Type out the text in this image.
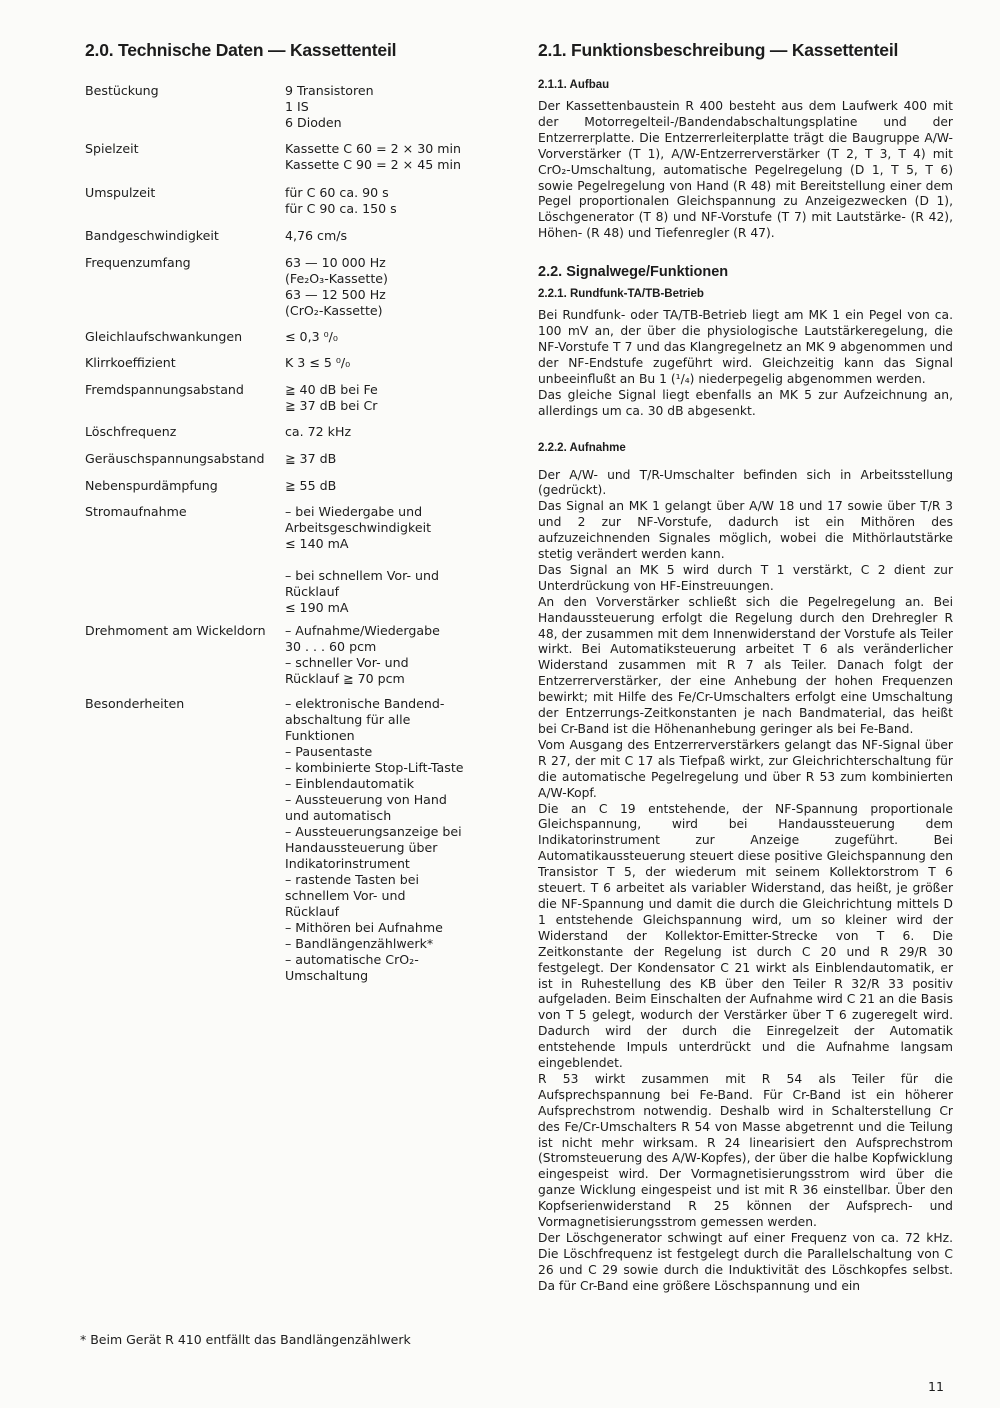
2.0. Technische Daten — Kassettenteil
Bestückung	9 Transistoren
1 IS
6 Dioden
Spielzeit	Kassette C 60 = 2 ⨯ 30 min
Kassette C 90 = 2 ⨯ 45 min
Umspulzeit	für C 60 ca. 90 s
für C 90 ca. 150 s
Bandgeschwindigkeit	4,76 cm/s
Frequenzumfang	63 — 10 000 Hz
(Fe₂O₃-Kassette)
63 — 12 500 Hz
(CrO₂-Kassette)
Gleichlaufschwankungen	≤ 0,3 ⁰/₀
Klirrkoeffizient	K 3 ≤ 5 ⁰/₀
Fremdspannungsabstand	≧ 40 dB bei Fe
≧ 37 dB bei Cr
Löschfrequenz	ca. 72 kHz
Geräuschspannungsabstand	≧ 37 dB
Nebenspurdämpfung	≧ 55 dB
Stromaufnahme	– bei Wiedergabe und
Arbeitsgeschwindigkeit
≤ 140 mA

– bei schnellem Vor- und
Rücklauf
≤ 190 mA
Drehmoment am Wickeldorn	– Aufnahme/Wiedergabe
30 . . . 60 pcm
– schneller Vor- und
Rücklauf ≧ 70 pcm
Besonderheiten	– elektronische Bandend-
abschaltung für alle
Funktionen
– Pausentaste
– kombinierte Stop-Lift-Taste
– Einblendautomatik
– Aussteuerung von Hand
und automatisch
– Aussteuerungsanzeige bei
Handaussteuerung über
Indikatorinstrument
– rastende Tasten bei
schnellem Vor- und
Rücklauf
– Mithören bei Aufnahme
– Bandlängenzählwerk*
– automatische CrO₂-
Umschaltung
* Beim Gerät R 410 entfällt das Bandlängenzählwerk
2.1. Funktionsbeschreibung — Kassettenteil
2.1.1. Aufbau

Der Kassettenbaustein R 400 besteht aus dem Laufwerk 400 mit der Motorregelteil-/Bandendabschaltungsplatine und der Entzerrerplatte. Die Entzerrerleiterplatte trägt die Baugruppe A/W-Vorverstärker (T 1), A/W-Entzerrerverstärker (T 2, T 3, T 4) mit CrO₂-Umschaltung, automatische Pegelregelung (D 1, T 5, T 6) sowie Pegelregelung von Hand (R 48) mit Bereitstellung einer dem Pegel proportionalen Gleichspannung zu Anzeigezwecken (D 1), Löschgenerator (T 8) und NF-Vorstufe (T 7) mit Lautstärke- (R 42), Höhen- (R 48) und Tiefenregler (R 47).

2.2. Signalwege/Funktionen
2.2.1. Rundfunk-TA/TB-Betrieb

Bei Rundfunk- oder TA/TB-Betrieb liegt am MK 1 ein Pegel von ca. 100 mV an, der über die physiologische Lautstärkeregelung, die NF-Vorstufe T 7 und das Klangregelnetz an MK 9 abgenommen und der NF-Endstufe zugeführt wird. Gleichzeitig kann das Signal unbeeinflußt an Bu 1 (¹/₄) niederpegelig abgenommen werden.
Das gleiche Signal liegt ebenfalls an MK 5 zur Aufzeichnung an, allerdings um ca. 30 dB abgesenkt.

2.2.2. Aufnahme

Der A/W- und T/R-Umschalter befinden sich in Arbeitsstellung (gedrückt).
Das Signal an MK 1 gelangt über A/W 18 und 17 sowie über T/R 3 und 2 zur NF-Vorstufe, dadurch ist ein Mithören des aufzuzeichnenden Signales möglich, wobei die Mithörlautstärke stetig verändert werden kann.
Das Signal an MK 5 wird durch T 1 verstärkt, C 2 dient zur Unterdrückung von HF-Einstreuungen.
An den Vorverstärker schließt sich die Pegelregelung an. Bei Handaussteuerung erfolgt die Regelung durch den Drehregler R 48, der zusammen mit dem Innenwiderstand der Vorstufe als Teiler wirkt. Bei Automatiksteuerung arbeitet T 6 als veränderlicher Widerstand zusammen mit R 7 als Teiler. Danach folgt der Entzerrerverstärker, der eine Anhebung der hohen Frequenzen bewirkt; mit Hilfe des Fe/Cr-Umschalters erfolgt eine Umschaltung der Entzerrungs-Zeitkonstanten je nach Bandmaterial, das heißt bei Cr-Band ist die Höhenanhebung geringer als bei Fe-Band.
Vom Ausgang des Entzerrerverstärkers gelangt das NF-Signal über R 27, der mit C 17 als Tiefpaß wirkt, zur Gleichrichterschaltung für die automatische Pegelregelung und über R 53 zum kombinierten A/W-Kopf.
Die an C 19 entstehende, der NF-Spannung proportionale Gleichspannung, wird bei Handaussteuerung dem Indikatorinstrument zur Anzeige zugeführt. Bei Automatikaussteuerung steuert diese positive Gleichspannung den Transistor T 5, der wiederum mit seinem Kollektorstrom T 6 steuert. T 6 arbeitet als variabler Widerstand, das heißt, je größer die NF-Spannung und damit die durch die Gleichrichtung mittels D 1 entstehende Gleichspannung wird, um so kleiner wird der Widerstand der Kollektor-Emitter-Strecke von T 6. Die Zeitkonstante der Regelung ist durch C 20 und R 29/R 30 festgelegt. Der Kondensator C 21 wirkt als Einblendautomatik, er ist in Ruhestellung des KB über den Teiler R 32/R 33 positiv aufgeladen. Beim Einschalten der Aufnahme wird C 21 an die Basis von T 5 gelegt, wodurch der Verstärker über T 6 zugeregelt wird. Dadurch wird der durch die Einregelzeit der Automatik entstehende Impuls unterdrückt und die Aufnahme langsam eingeblendet.
R 53 wirkt zusammen mit R 54 als Teiler für die Aufsprechspannung bei Fe-Band. Für Cr-Band ist ein höherer Aufsprechstrom notwendig. Deshalb wird in Schalterstellung Cr des Fe/Cr-Umschalters R 54 von Masse abgetrennt und die Teilung ist nicht mehr wirksam. R 24 linearisiert den Aufsprechstrom (Stromsteuerung des A/W-Kopfes), der über die halbe Kopfwicklung eingespeist wird. Der Vormagnetisierungsstrom wird über die ganze Wicklung eingespeist und ist mit R 36 einstellbar. Über den Kopfserienwiderstand R 25 können der Aufsprech- und Vormagnetisierungsstrom gemessen werden.
Der Löschgenerator schwingt auf einer Frequenz von ca. 72 kHz. Die Löschfrequenz ist festgelegt durch die Parallelschaltung von C 26 und C 29 sowie durch die Induktivität des Löschkopfes selbst. Da für Cr-Band eine größere Löschspannung und ein

11
